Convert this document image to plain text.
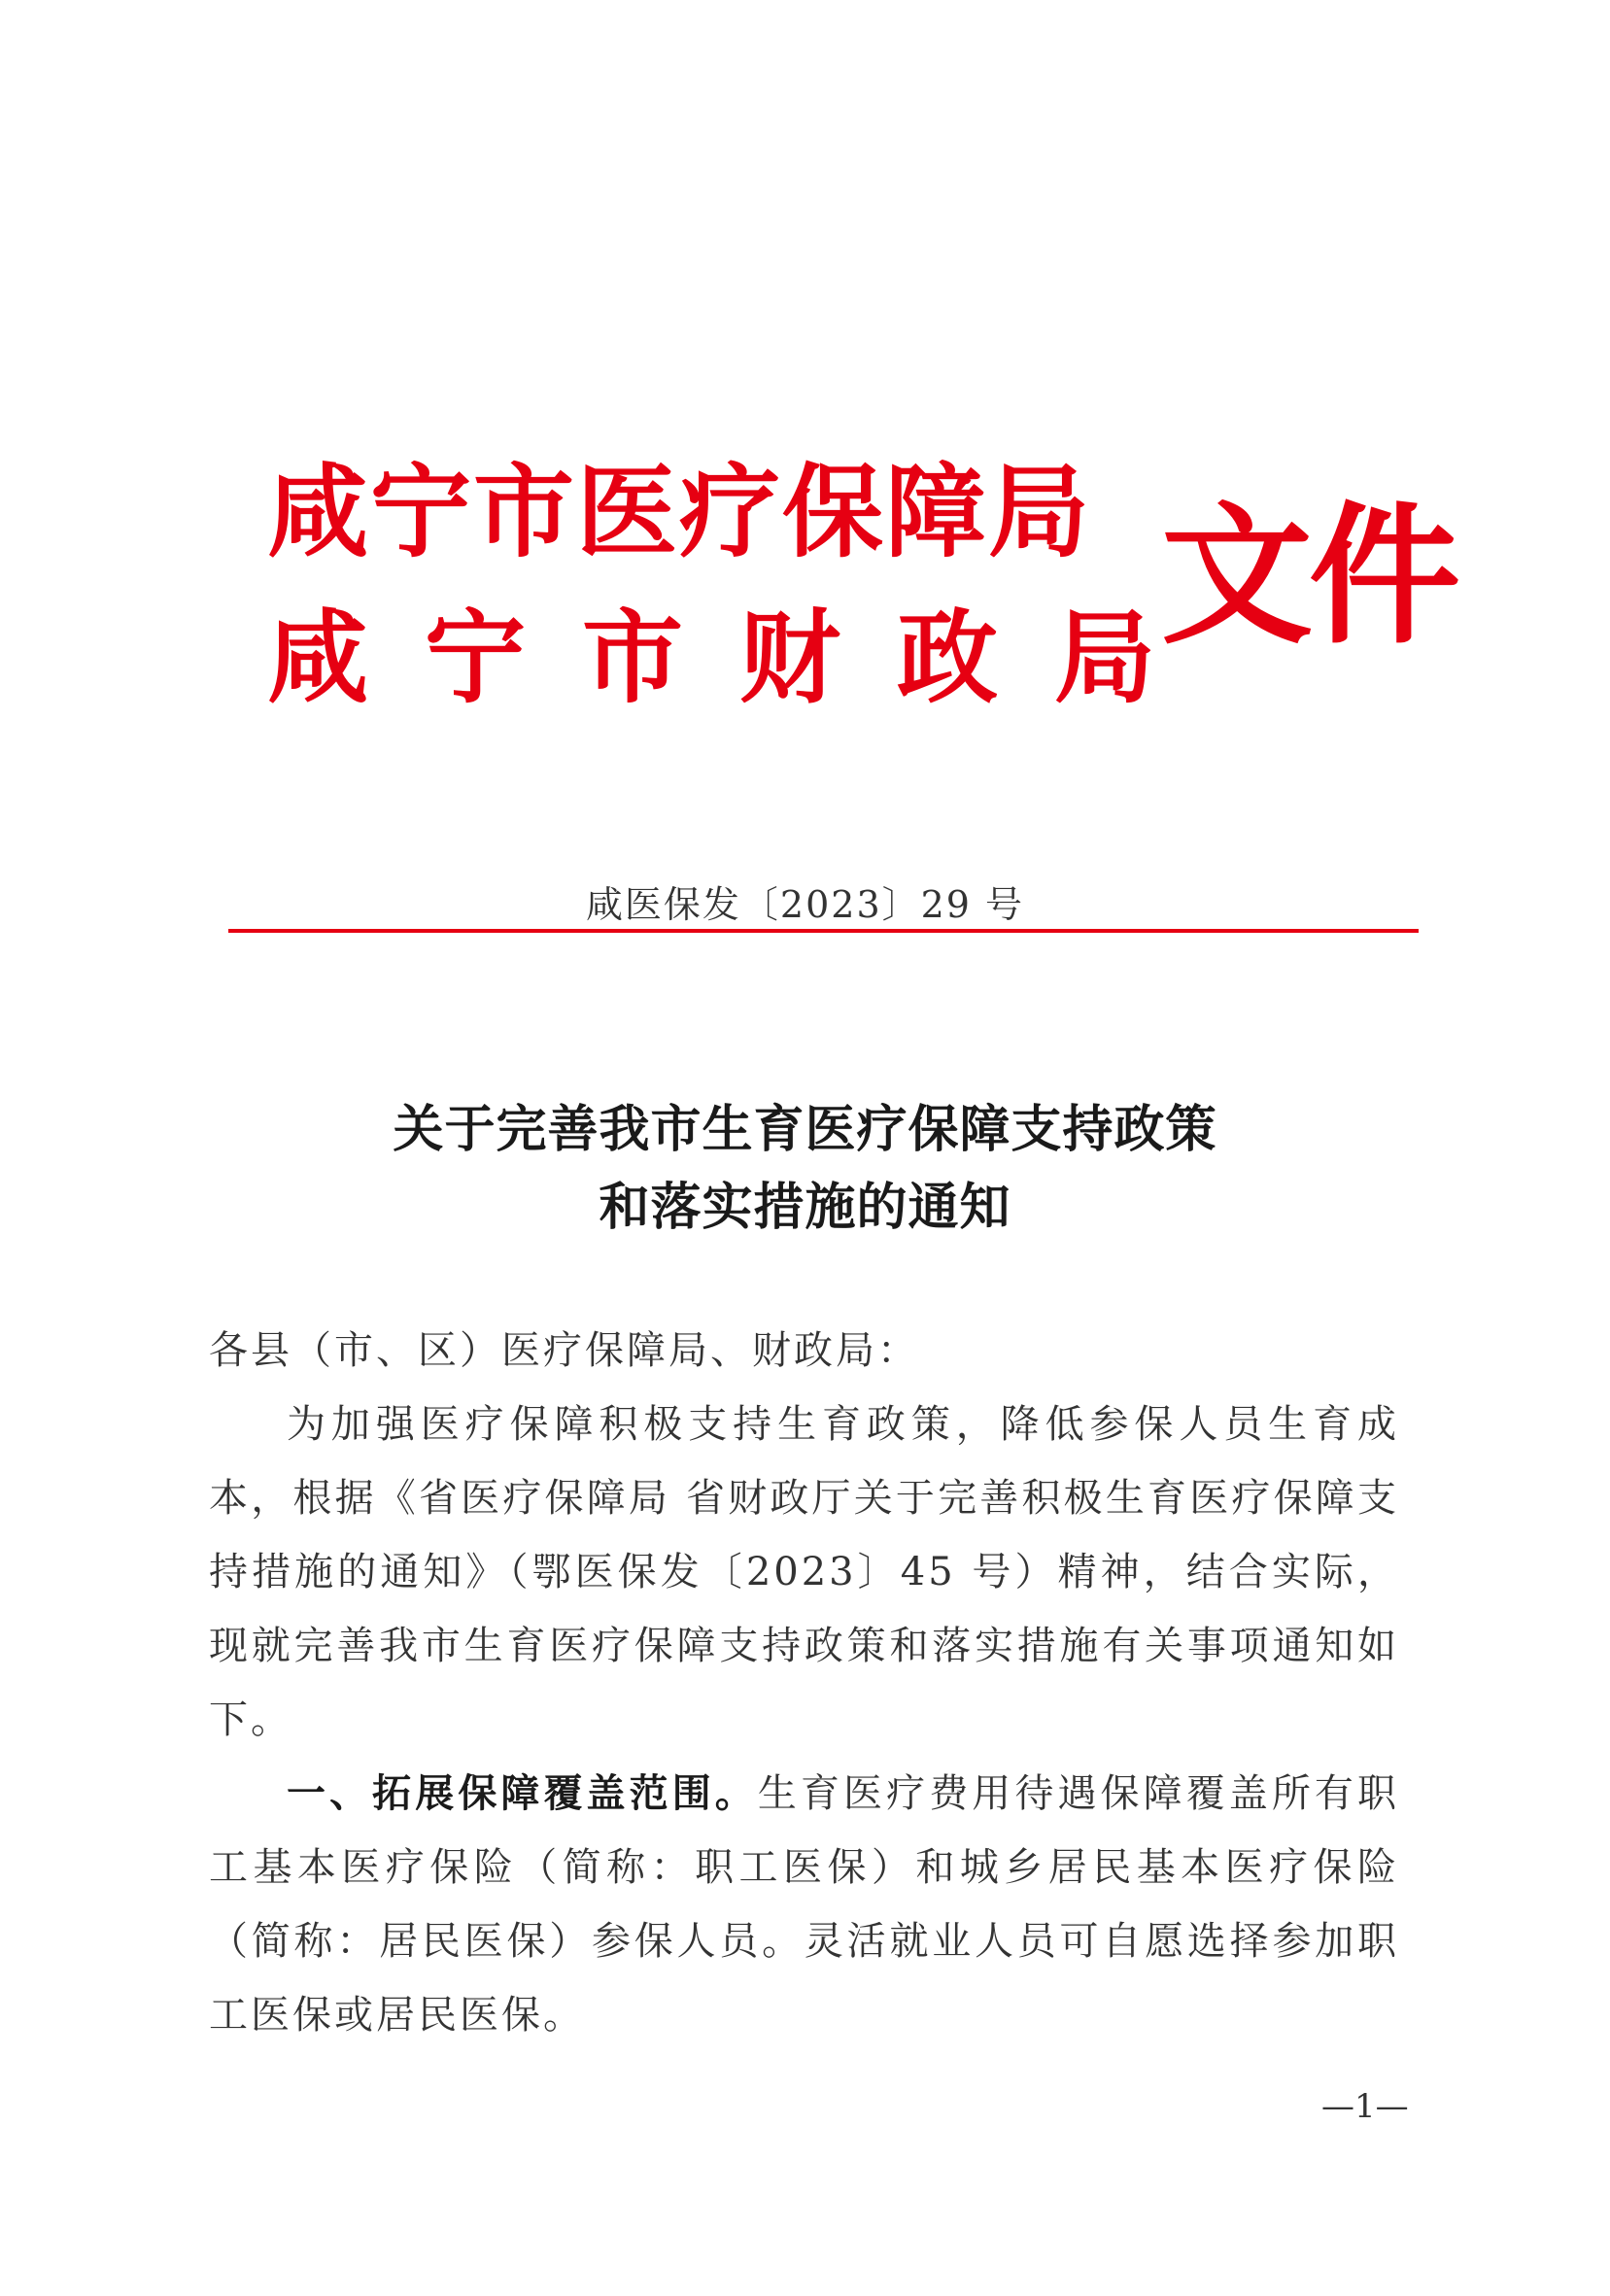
咸宁市医疗保障局
咸宁市财政局
文件
咸医保发〔2023〕29 号
关于完善我市生育医疗保障支持政策
和落实措施的通知
各县（市、区）医疗保障局、财政局：

为加强医疗保障积极支持生育政策，降低参保人员生育成本，根据《省医疗保障局 省财政厅关于完善积极生育医疗保障支持措施的通知》（鄂医保发〔2023〕45 号）精神，结合实际，现就完善我市生育医疗保障支持政策和落实措施有关事项通知如下。

一、拓展保障覆盖范围。生育医疗费用待遇保障覆盖所有职工基本医疗保险（简称：职工医保）和城乡居民基本医疗保险（简称：居民医保）参保人员。灵活就业人员可自愿选择参加职工医保或居民医保。

—1—
